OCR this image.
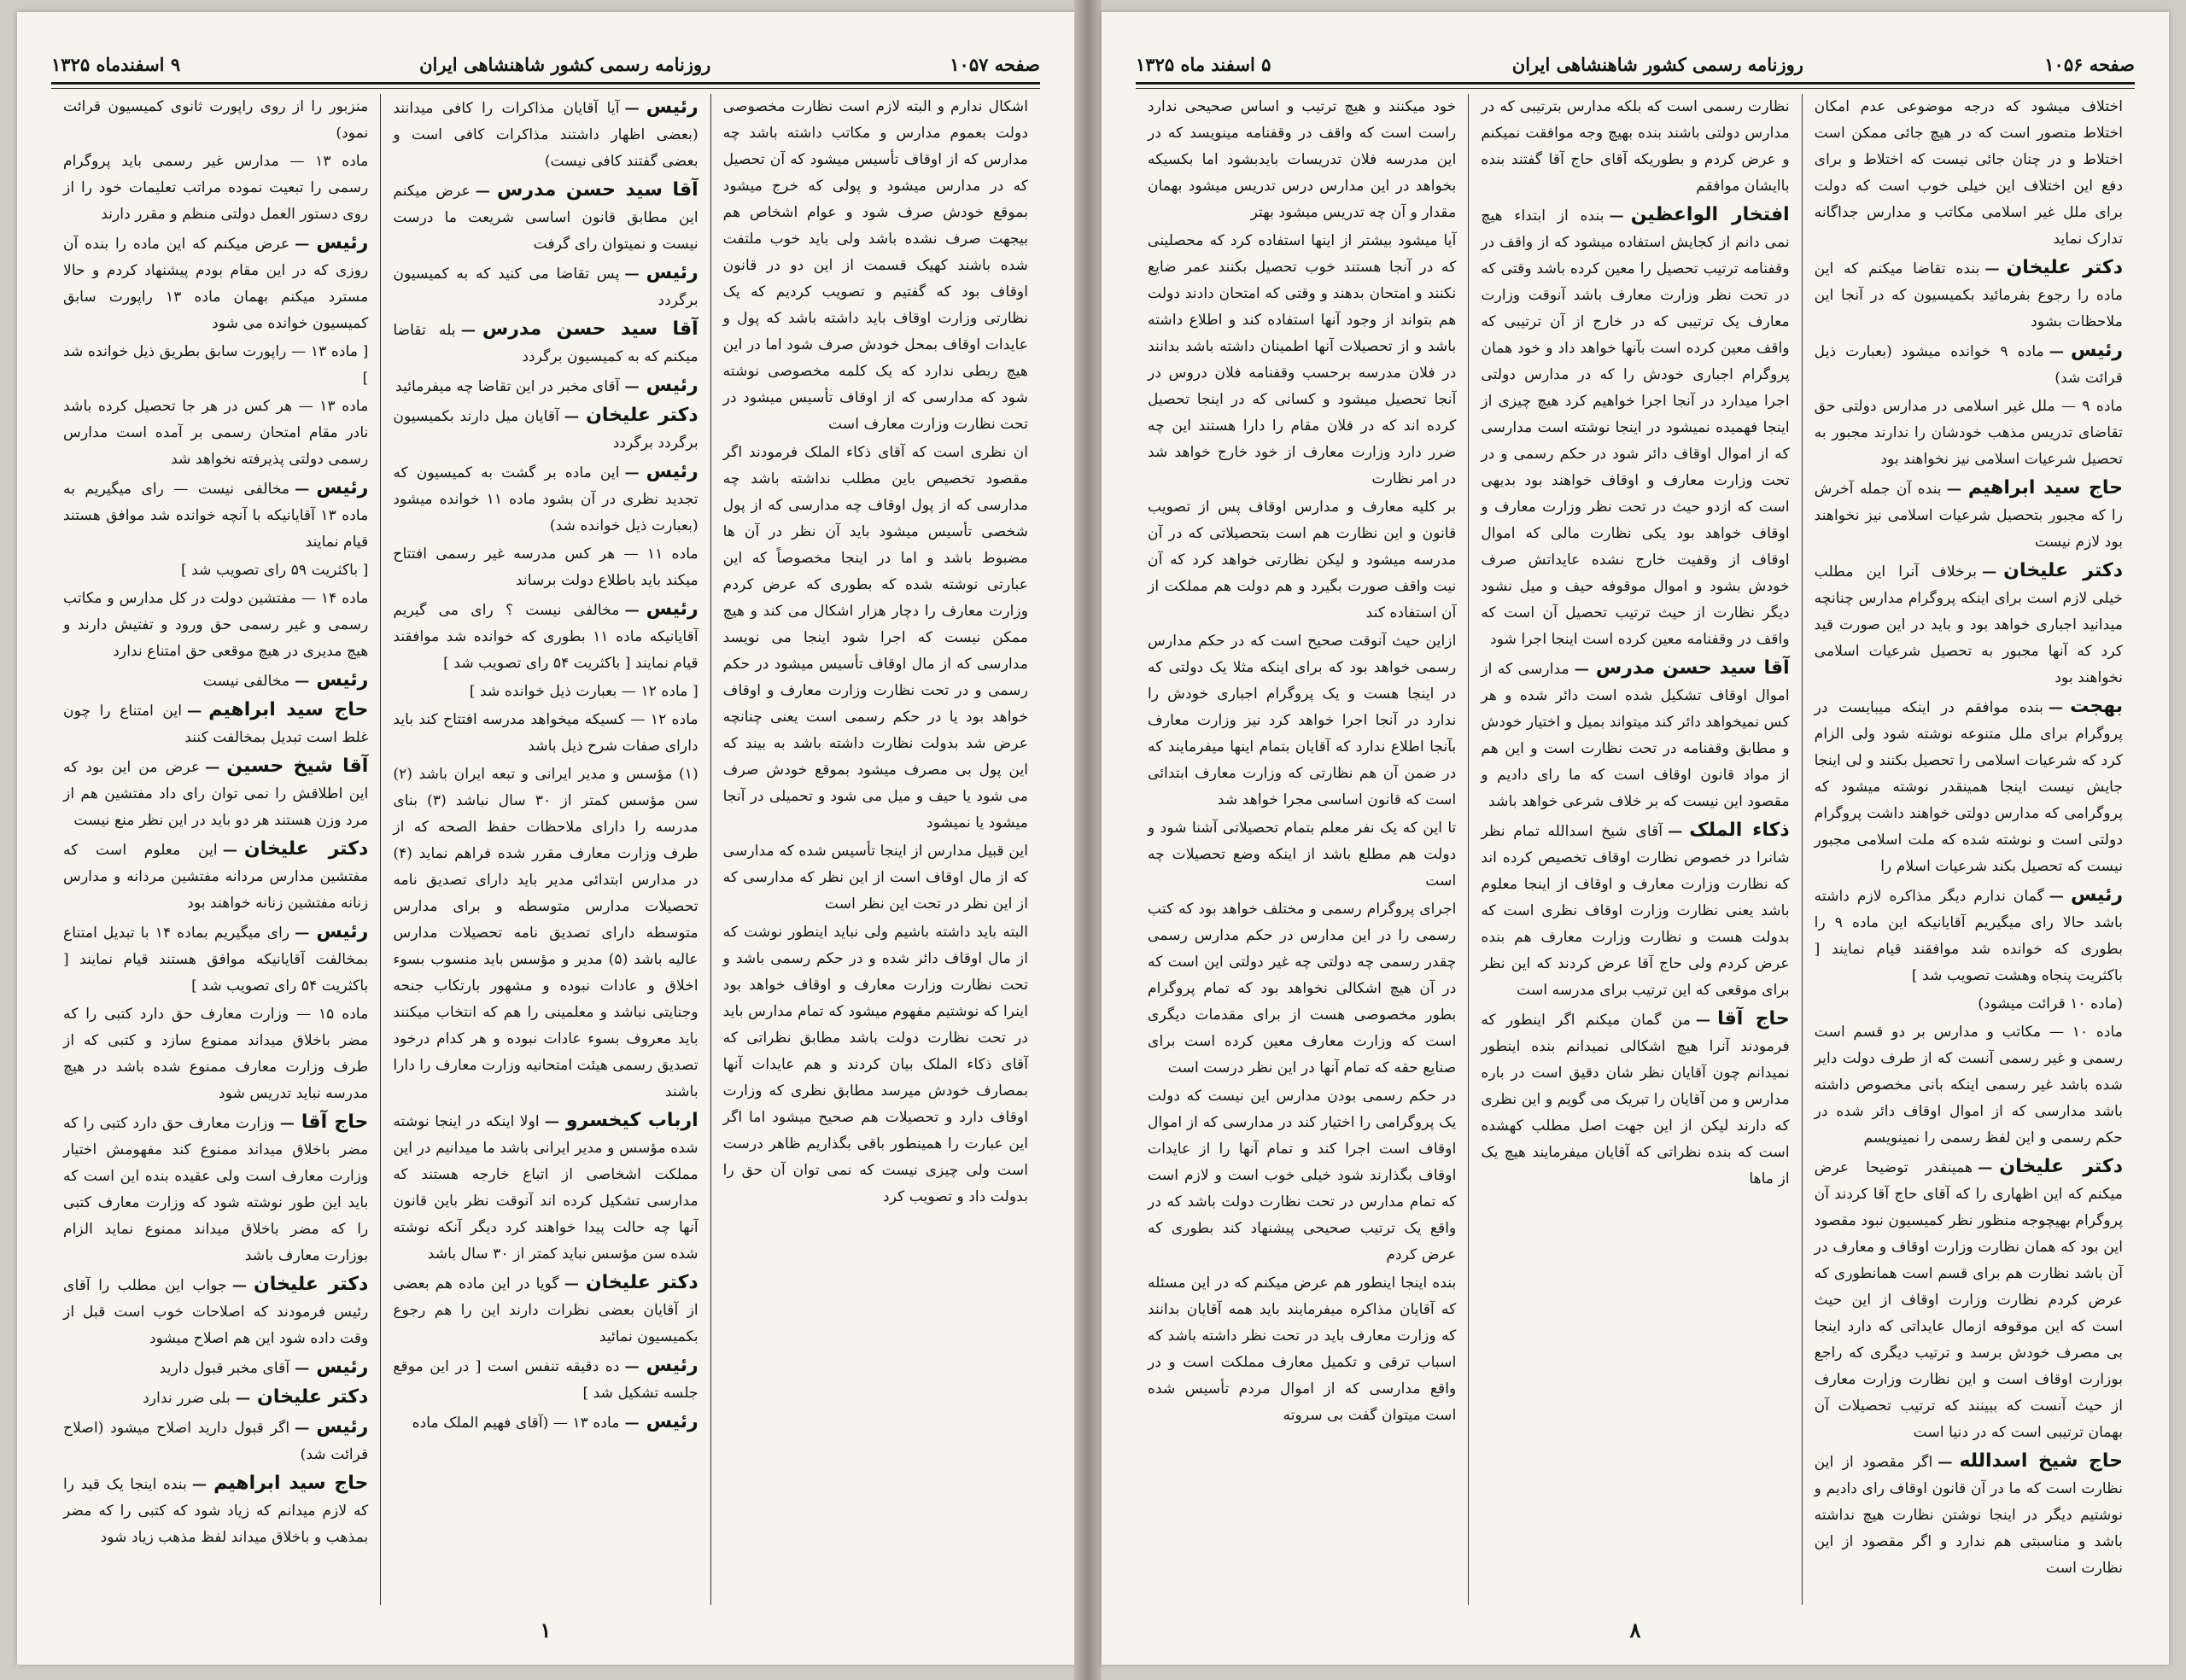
صفحه ۱۰۵۷
روزنامه رسمی کشور شاهنشاهی ایران
۹ اسفندماه ۱۳۲۵

اشکال ندارم و البته لازم است نظارت مخصوصی دولت بعموم مدارس و مکاتب داشته باشد چه مدارس که از اوقاف تأسیس میشود که آن تحصیل که در مدارس میشود و پولی که خرج میشود بموقع خودش صرف شود و عوام اشخاص هم بیجهت صرف نشده باشد ولی باید خوب ملتفت شده باشند کهیک قسمت از این دو در قانون اوقاف بود که گفتیم و تصویب کردیم که یک نظارتی وزارت اوقاف باید داشته باشد که پول و عایدات اوقاف بمحل خودش صرف شود اما در این هیچ ربطی ندارد که یک کلمه مخصوصی نوشته شود که مدارسی که از اوقاف تأسیس میشود در تحت نظارت وزارت معارف است

ان نظری است که آقای ذکاء الملک فرمودند اگر مقصود تخصیص باین مطلب نداشته باشد چه مدارسی که از پول اوقاف چه مدارسی که از پول شخصی تأسیس میشود باید آن نظر در آن ها مضبوط باشد و اما در اینجا مخصوصاً که این عبارتی نوشته شده که بطوری که عرض کردم وزارت معارف را دچار هزار اشکال می کند و هیچ ممکن نیست که اجرا شود اینجا می نویسد مدارسی که از مال اوقاف تأسیس میشود در حکم رسمی و در تحت نظارت وزارت معارف و اوقاف خواهد بود یا در حکم رسمی است یعنی چنانچه عرض شد بدولت نظارت داشته باشد به بیند که این پول بی مصرف میشود بموقع خودش صرف می شود یا حیف و میل می شود و تحمیلی در آنجا میشود یا نمیشود

این قبیل مدارس از اینجا تأسیس شده که مدارسی که از مال اوقاف است از این نظر که مدارسی که از این نظر در تحت این نظر است

البته باید داشته باشیم ولی نباید اینطور نوشت که از مال اوقاف دائر شده و در حکم رسمی باشد و تحت نظارت وزارت معارف و اوقاف خواهد بود اینرا که نوشتیم مفهوم میشود که تمام مدارس باید در تحت نظارت دولت باشد مطابق نظراتی که آقای ذکاء الملک بیان کردند و هم عایدات آنها بمصارف خودش میرسد مطابق نظری که وزارت اوقاف دارد و تحصیلات هم صحیح میشود اما اگر این عبارت را همینطور باقی بگذاریم ظاهر درست است ولی چیزی نیست که نمی توان آن حق را بدولت داد و تصویب کرد

رئیس—آیا آقایان مذاکرات را کافی میدانند (بعضی اظهار داشتند مذاکرات کافی است و بعضی گفتند کافی نیست)

آقا سید حسن مدرس—عرض میکنم این مطابق قانون اساسی شریعت ما درست نیست و نمیتوان رای گرفت

رئیس—پس تقاضا می کنید که به کمیسیون برگردد

آقا سید حسن مدرس—بله تقاضا میکنم که به کمیسیون برگردد

رئیس—آقای مخبر در این تقاضا چه میفرمائید

دکتر علیخان—آقایان میل دارند بکمیسیون برگردد برگردد

رئیس—این ماده بر گشت به کمیسیون که تجدید نظری در آن بشود ماده ۱۱ خوانده میشود (بعبارت ذیل خوانده شد)

ماده ۱۱ — هر کس مدرسه غیر رسمی افتتاح میکند باید باطلاع دولت برساند

رئیس—مخالفی نیست ؟ رای می گیریم آقایانیکه ماده ۱۱ بطوری که خوانده شد موافقند قیام نمایند [ باکثریت ۵۴ رای تصویب شد ]

[ ماده ۱۲ — بعبارت ذیل خوانده شد ]

ماده ۱۲ — کسیکه میخواهد مدرسه افتتاح کند باید دارای صفات شرح ذیل باشد

(۱) مؤسس و مدیر ایرانی و تبعه ایران باشد (۲) سن مؤسس کمتر از ۳۰ سال نباشد (۳) بنای مدرسه را دارای ملاحظات حفظ الصحه که از طرف وزارت معارف مقرر شده فراهم نماید (۴) در مدارس ابتدائی مدیر باید دارای تصدیق نامه تحصیلات مدارس متوسطه و برای مدارس متوسطه دارای تصدیق نامه تحصیلات مدارس عالیه باشد (۵) مدیر و مؤسس باید منسوب بسوء اخلاق و عادات نبوده و مشهور بارتکاب جنحه وجنایتی نباشد و معلمینی را هم که انتخاب میکنند باید معروف بسوء عادات نبوده و هر کدام درخود تصدیق رسمی هیئت امتحانیه وزارت معارف را دارا باشند

ارباب کیخسرو—اولا اینکه در اینجا نوشته شده مؤسس و مدیر ایرانی باشد ما میدانیم در این مملکت اشخاصی از اتباع خارجه هستند که مدارسی تشکیل کرده اند آنوقت نظر باین قانون آنها چه حالت پیدا خواهند کرد دیگر آنکه نوشته شده سن مؤسس نباید کمتر از ۳۰ سال باشد

دکتر علیخان—گویا در این ماده هم بعضی از آقایان بعضی نظرات دارند این را هم رجوع بکمیسیون نمائید

رئیس—ده دقیقه تنفس است [ در این موقع جلسه تشکیل شد ]

رئیس—ماده ۱۳ — (آقای فهیم الملک ماده

منزبور را از روی راپورت ثانوی کمیسیون قرائت نمود)

ماده ۱۳ — مدارس غیر رسمی باید پروگرام رسمی را تبعیت نموده مراتب تعلیمات خود را از روی دستور العمل دولتی منظم و مقرر دارند

رئیس—عرض میکنم که این ماده را بنده آن روزی که در این مقام بودم پیشنهاد کردم و حالا مسترد میکنم بهمان ماده ۱۳ راپورت سابق کمیسیون خوانده می شود

[ ماده ۱۳ — راپورت سابق بطریق ذیل خوانده شد ]

ماده ۱۳ — هر کس در هر جا تحصیل کرده باشد نادر مقام امتحان رسمی بر آمده است مدارس رسمی دولتی پذیرفته نخواهد شد

رئیس—مخالفی نیست — رای میگیریم به ماده ۱۳ آقایانیکه با آنچه خوانده شد موافق هستند قیام نمایند

[ باکثریت ۵۹ رای تصویب شد ]

ماده ۱۴ — مفتشین دولت در کل مدارس و مکاتب رسمی و غیر رسمی حق ورود و تفتیش دارند و هیچ مدیری در هیچ موقعی حق امتناع ندارد

رئیس—مخالفی نیست

حاج سید ابراهیم—این امتناع را چون غلط است تبدیل بمخالفت کنند

آقا شیخ حسین—عرض من این بود که این اطلاقش را نمی توان رای داد مفتشین هم از مرد وزن هستند هر دو باید در این نظر منع نیست

دکتر علیخان—این معلوم است که مفتشین مدارس مردانه مفتشین مردانه و مدارس زنانه مفتشین زنانه خواهند بود

رئیس—رای میگیریم بماده ۱۴ با تبدیل امتناع بمخالفت آقایانیکه موافق هستند قیام نمایند [ باکثریت ۵۴ رای تصویب شد ]

ماده ۱۵ — وزارت معارف حق دارد کتبی را که مضر باخلاق میداند ممنوع سازد و کتبی که از طرف وزارت معارف ممنوع شده باشد در هیچ مدرسه نباید تدریس شود

حاج آقا—وزارت معارف حق دارد کتبی را که مضر باخلاق میداند ممنوع کند مفهومش اختیار وزارت معارف است ولی عقیده بنده این است که باید این طور نوشته شود که وزارت معارف کتبی را که مضر باخلاق میداند ممنوع نماید الزام بوزارت معارف باشد

دکتر علیخان—جواب این مطلب را آقای رئیس فرمودند که اصلاحات خوب است قبل از وقت داده شود این هم اصلاح میشود

رئیس—آقای مخبر قبول دارید

دکتر علیخان—بلی ضرر ندارد

رئیس—اگر قبول دارید اصلاح میشود (اصلاح قرائت شد)

حاج سید ابراهیم—بنده اینجا یک قید را که لازم میدانم که زیاد شود که کتبی را که مضر بمذهب و باخلاق میداند لفظ مذهب زیاد شود

۱
۵ اسفند ماه ۱۳۲۵	روزنامه رسمی کشور شاهنشاهی ایران	صفحه ۱۰۵۶

اختلاف میشود که درجه موضوعی عدم امکان اختلاط متصور است که در هیچ جائی ممکن است اختلاط و در چنان جائی نیست که اختلاط و برای دفع این اختلاف این خیلی خوب است که دولت برای ملل غیر اسلامی مکاتب و مدارس جداگانه تدارک نماید

دکتر علیخان—بنده تقاضا میکنم که این ماده را رجوع بفرمائید بکمیسیون که در آنجا این ملاحظات بشود

رئیس—ماده ۹ خوانده میشود (بعبارت ذیل قرائت شد)

ماده ۹ — ملل غیر اسلامی در مدارس دولتی حق تقاضای تدریس مذهب خودشان را ندارند مجبور به تحصیل شرعیات اسلامی نیز نخواهند بود

حاج سید ابراهیم—بنده آن جمله آخرش را که مجبور بتحصیل شرعیات اسلامی نیز نخواهند بود لازم نیست

دکتر علیخان—برخلاف آنرا این مطلب خیلی لازم است برای اینکه پروگرام مدارس چنانچه میدانید اجباری خواهد بود و باید در این صورت قید کرد که آنها مجبور به تحصیل شرعیات اسلامی نخواهند بود

بهجت—بنده موافقم در اینکه میبایست در پروگرام برای ملل متنوعه نوشته شود ولی الزام کرد که شرعیات اسلامی را تحصیل بکنند و لی اینجا جایش نیست اینجا همینقدر نوشته میشود که پروگرامی که مدارس دولتی خواهند داشت پروگرام دولتی است و نوشته شده که ملت اسلامی مجبور نیست که تحصیل بکند شرعیات اسلام را

رئیس—گمان ندارم دیگر مذاکره لازم داشته باشد حالا رای میگیریم آقایانیکه این ماده ۹ را بطوری که خوانده شد موافقند قیام نمایند [ باکثریت پنجاه وهشت تصویب شد ]

(ماده ۱۰ قرائت میشود)

ماده ۱۰ — مکاتب و مدارس بر دو قسم است رسمی و غیر رسمی آنست که از طرف دولت دایر شده باشد غیر رسمی اینکه بانی مخصوص داشته باشد مدارسی که از اموال اوقاف دائر شده در حکم رسمی و این لفظ رسمی را نمینویسم

دکتر علیخان—همینقدر توضیحا عرض میکنم که این اظهاری را که آقای حاج آقا کردند آن پروگرام بهیچوجه منظور نظر کمیسیون نبود مقصود این بود که همان نظارت وزارت اوقاف و معارف در آن باشد نظارت هم برای قسم است همانطوری که عرض کردم نظارت وزارت اوقاف از این حیث است که این موقوفه ازمال عایداتی که دارد اینجا بی مصرف خودش برسد و ترتیب دیگری که راجع بوزارت اوقاف است و این نظارت وزارت معارف از حیث آنست که ببینند که ترتیب تحصیلات آن بهمان ترتیبی است که در دنیا است

حاج شیخ اسدالله—اگر مقصود از این نظارت است که ما در آن قانون اوقاف رای دادیم و نوشتیم دیگر در اینجا نوشتن نظارت هیچ نداشته باشد و مناسبتی هم ندارد و اگر مقصود از این نظارت است

نظارت رسمی است که بلکه مدارس بترتیبی که در مدارس دولتی باشند بنده بهیچ وجه موافقت نمیکنم و عرض کردم و بطوریکه آقای حاج آقا گفتند بنده باایشان موافقم

افتخار الواعظین—بنده از ابتداء هیچ نمی دانم از کجایش استفاده میشود که از واقف در وقفنامه ترتیب تحصیل را معین کرده باشد وقتی که در تحت نظر وزارت معارف باشد آنوقت وزارت معارف یک ترتیبی که در خارج از آن ترتیبی که واقف معین کرده است بآنها خواهد داد و خود همان پروگرام اجباری خودش را که در مدارس دولتی اجرا میدارد در آنجا اجرا خواهیم کرد هیچ چیزی از اینجا فهمیده نمیشود در اینجا نوشته است مدارسی که از اموال اوقاف دائر شود در حکم رسمی و در تحت وزارت معارف و اوقاف خواهند بود بدیهی است که ازدو حیث در تحت نظر وزارت معارف و اوقاف خواهد بود یکی نظارت مالی که اموال اوقاف از وقفیت خارج نشده عایداتش صرف خودش بشود و اموال موقوفه حیف و میل نشود دیگر نظارت از حیث ترتیب تحصیل آن است که واقف در وقفنامه معین کرده است اینجا اجرا شود

آقا سید حسن مدرس—مدارسی که از اموال اوقاف تشکیل شده است دائر شده و هر کس نمیخواهد دائر کند میتواند بمیل و اختیار خودش و مطابق وقفنامه در تحت نظارت است و این هم از مواد قانون اوقاف است که ما رای دادیم و مقصود این نیست که بر خلاف شرعی خواهد باشد

ذکاء الملک—آقای شیخ اسدالله تمام نظر شانرا در خصوص نظارت اوقاف تخصیص کرده اند که نظارت وزارت معارف و اوقاف از اینجا معلوم باشد یعنی نظارت وزارت اوقاف نظری است که بدولت هست و نظارت وزارت معارف هم بنده عرض کردم ولی حاج آقا عرض کردند که این نظر برای موقعی که این ترتیب برای مدرسه است

حاج آقا—من گمان میکنم اگر اینطور که فرمودند آنرا هیچ اشکالی نمیدانم بنده اینطور نمیدانم چون آقایان نظر شان دقیق است در باره مدارس و من آقایان را تبریک می گویم و این نظری که دارند لیکن از این جهت اصل مطلب کهشده است که بنده نظراتی که آقایان میفرمایند هیچ یک از ماها

خود میکنند و هیچ ترتیب و اساس صحیحی ندارد راست است که واقف در وقفنامه مینویسد که در این مدرسه فلان تدریسات بایدبشود اما بکسیکه بخواهد در این مدارس درس تدریس میشود بهمان مقدار و آن چه تدریس میشود بهتر

آیا میشود بیشتر از اینها استفاده کرد که محصلینی که در آنجا هستند خوب تحصیل بکنند عمر ضایع نکنند و امتحان بدهند و وقتی که امتحان دادند دولت هم بتواند از وجود آنها استفاده کند و اطلاع داشته باشد و از تحصیلات آنها اطمینان داشته باشد بدانند در فلان مدرسه برحسب وقفنامه فلان دروس در آنجا تحصیل میشود و کسانی که در اینجا تحصیل کرده اند که در فلان مقام را دارا هستند این چه ضرر دارد وزارت معارف از خود خارج خواهد شد در امر نظارت

بر کلیه معارف و مدارس اوقاف پس از تصویب قانون و این نظارت هم است بتحصیلاتی که در آن مدرسه میشود و لیکن نظارتی خواهد کرد که آن نیت واقف صورت بگیرد و هم دولت هم مملکت از آن استفاده کند

ازاین حیث آنوقت صحیح است که در حکم مدارس رسمی خواهد بود که برای اینکه مثلا یک دولتی که در اینجا هست و یک پروگرام اجباری خودش را ندارد در آنجا اجرا خواهد کرد نیز وزارت معارف بآنجا اطلاع ندارد که آقایان بتمام اینها میفرمایند که در ضمن آن هم نظارتی که وزارت معارف ابتدائی است که قانون اساسی مجرا خواهد شد

تا این که یک نفر معلم بتمام تحصیلاتی آشنا شود و دولت هم مطلع باشد از اینکه وضع تحصیلات چه است

اجرای پروگرام رسمی و مختلف خواهد بود که کتب رسمی را در این مدارس در حکم مدارس رسمی چقدر رسمی چه دولتی چه غیر دولتی این است که در آن هیچ اشکالی نخواهد بود که تمام پروگرام بطور مخصوصی هست از برای مقدمات دیگری است که وزارت معارف معین کرده است برای صنایع حقه که تمام آنها در این نظر درست است

در حکم رسمی بودن مدارس این نیست که دولت یک پروگرامی را اختیار کند در مدارسی که از اموال اوقاف است اجرا کند و تمام آنها را از عایدات اوقاف بگذارند شود خیلی خوب است و لازم است که تمام مدارس در تحت نظارت دولت باشد که در واقع یک ترتیب صحیحی پیشنهاد کند بطوری که عرض کردم

بنده اینجا اینطور هم عرض میکنم که در این مسئله که آقایان مذاکره میفرمایند باید همه آقایان بدانند که وزارت معارف باید در تحت نظر داشته باشد که اسباب ترقی و تکمیل معارف مملکت است و در واقع مدارسی که از اموال مردم تأسیس شده است میتوان گفت بی سروته

۸
